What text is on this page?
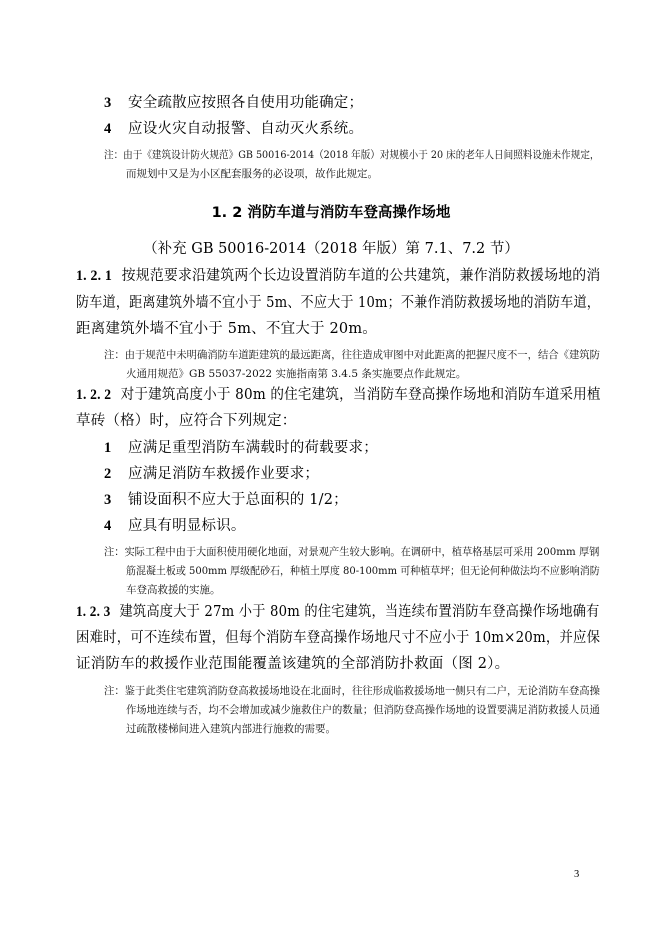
3 安全疏散应按照各自使用功能确定；
4 应设火灾自动报警、自动灭火系统。
注：由于《建筑设计防火规范》GB 50016-2014（2018 年版）对规模小于 20 床的老年人日间照料设施未作规定，
而规划中又是为小区配套服务的必设项，故作此规定。
1. 2 消防车道与消防车登高操作场地
（补充 GB 50016-2014（2018 年版）第 7.1、7.2 节）
1. 2. 1 按规范要求沿建筑两个长边设置消防车道的公共建筑，兼作消防救援场地的消
防车道，距离建筑外墙不宜小于 5m、不应大于 10m；不兼作消防救援场地的消防车道，
距离建筑外墙不宜小于 5m、不宜大于 20m。
注：由于规范中未明确消防车道距建筑的最远距离，往往造成审图中对此距离的把握尺度不一，结合《建筑防
火通用规范》GB 55037-2022 实施指南第 3.4.5 条实施要点作此规定。
1. 2. 2 对于建筑高度小于 80m 的住宅建筑，当消防车登高操作场地和消防车道采用植
草砖（格）时，应符合下列规定：
1 应满足重型消防车满载时的荷载要求；
2 应满足消防车救援作业要求；
3 铺设面积不应大于总面积的 1/2；
4 应具有明显标识。
注：实际工程中由于大面积使用硬化地面，对景观产生较大影响。在调研中，植草格基层可采用 200mm 厚钢
筋混凝土板或 500mm 厚级配砂石，种植土厚度 80-100mm 可种植草坪；但无论何种做法均不应影响消防
车登高救援的实施。
1. 2. 3 建筑高度大于 27m 小于 80m 的住宅建筑，当连续布置消防车登高操作场地确有
困难时，可不连续布置，但每个消防车登高操作场地尺寸不应小于 10m×20m，并应保
证消防车的救援作业范围能覆盖该建筑的全部消防扑救面（图 2）。
注：鉴于此类住宅建筑消防登高救援场地设在北面时，往往形成临救援场地一侧只有二户，无论消防车登高操
作场地连续与否，均不会增加或减少施救住户的数量；但消防登高操作场地的设置要满足消防救援人员通
过疏散楼梯间进入建筑内部进行施救的需要。
3
